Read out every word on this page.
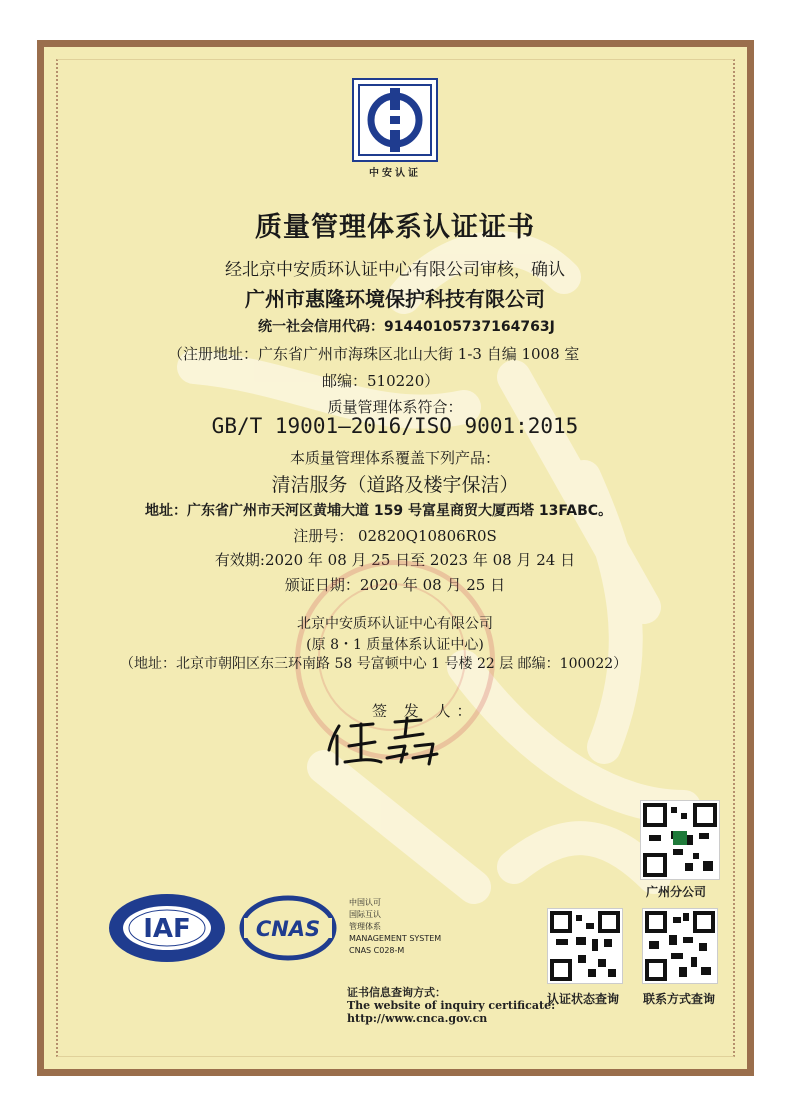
中安认证
质量管理体系认证证书
经北京中安质环认证中心有限公司审核，确认
广州市惠隆环境保护科技有限公司
统一社会信用代码：91440105737164763J
（注册地址：广东省广州市海珠区北山大街 1-3 自编 1008 室
邮编：510220）
质量管理体系符合：
GB/T 19001—2016/ISO 9001:2015
本质量管理体系覆盖下列产品：
清洁服务（道路及楼宇保洁）
地址：广东省广州市天河区黄埔大道 159 号富星商贸大厦西塔 13FABC。
注册号： 02820Q10806R0S
有效期:2020 年 08 月 25 日至 2023 年 08 月 24 日
颁证日期：2020 年 08 月 25 日
北京中安质环认证中心有限公司
(原 8・1 质量体系认证中心)
（地址：北京市朝阳区东三环南路 58 号富顿中心 1 号楼 22 层 邮编：100022）
签 发 人：
IAF	CNAS
中国认可
国际互认
管理体系
MANAGEMENT SYSTEM
CNAS C028-M
证书信息查询方式：
The website of inquiry certificate:
http://www.cnca.gov.cn
广州分公司
认证状态查询 联系方式查询
